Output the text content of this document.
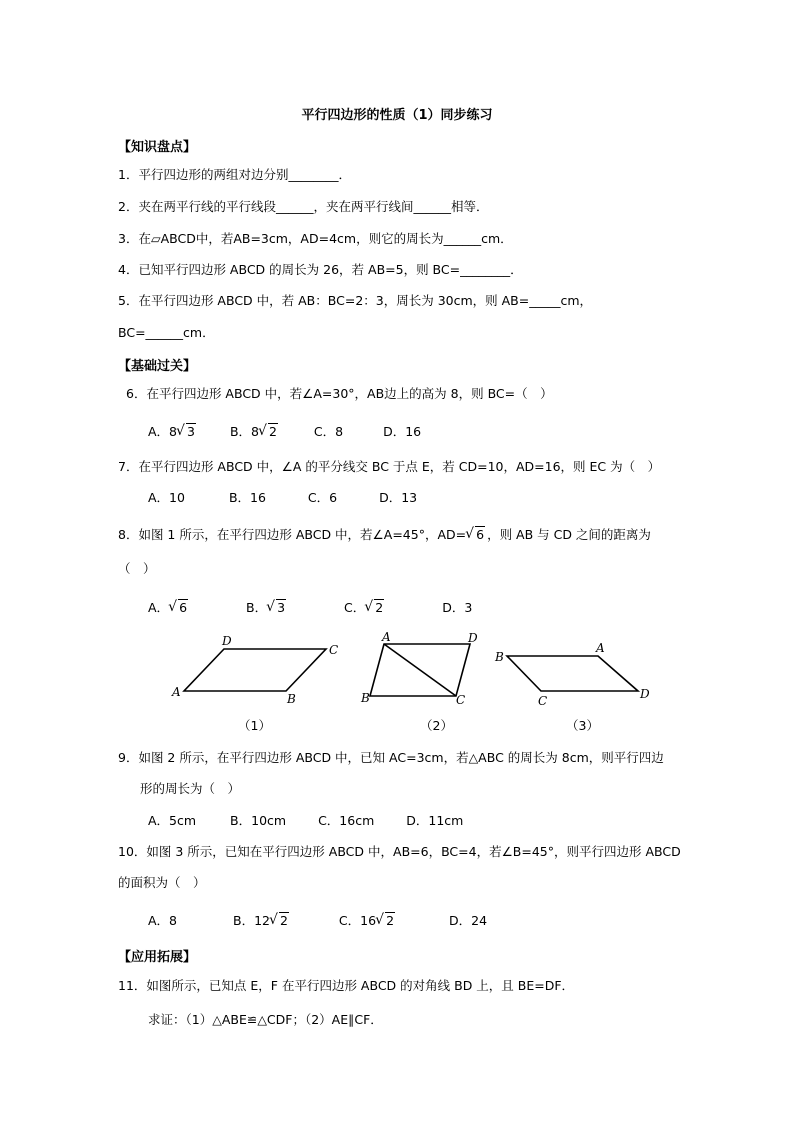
平行四边形的性质（1）同步练习
【知识盘点】
1．平行四边形的两组对边分别________．
2．夹在两平行线的平行线段______，夹在两平行线间______相等．
3．在▱ABCD中，若AB=3cm，AD=4cm，则它的周长为______cm．
4．已知平行四边形 ABCD 的周长为 26，若 AB=5，则 BC=________．
5．在平行四边形 ABCD 中，若 AB：BC=2：3，周长为 30cm，则 AB=_____cm，
BC=______cm．
【基础过关】
6．在平行四边形 ABCD 中，若∠A=30°，AB边上的高为 8，则 BC=（　）
A．8 √ 3	B．8 √ 2	C．8	D．16
7．在平行四边形 ABCD 中，∠A 的平分线交 BC 于点 E，若 CD=10，AD=16，则 EC 为（　）
A．10	B．16	C．6	D．13
8．如图 1 所示，在平行四边形 ABCD 中，若∠A=45°，AD= √ 6 ，则 AB 与 CD 之间的距离为
（　）
A． √ 6	B． √ 3	C． √ 2	D．3
A	B
C
D	A
B	C
D
A
B
C	D
（1）	（2）	（3）
9．如图 2 所示，在平行四边形 ABCD 中，已知 AC=3cm，若△ABC 的周长为 8cm，则平行四边
形的周长为（　）
A．5cm	B．10cm	C．16cm	D．11cm
10．如图 3 所示，已知在平行四边形 ABCD 中，AB=6，BC=4，若∠B=45°，则平行四边形 ABCD
的面积为（　）
A．8	B．12 √ 2	C．16 √ 2	D．24
【应用拓展】
11．如图所示，已知点 E，F 在平行四边形 ABCD 的对角线 BD 上，且 BE=DF．
求证：（1）△ABE≌△CDF；（2）AE∥CF．
